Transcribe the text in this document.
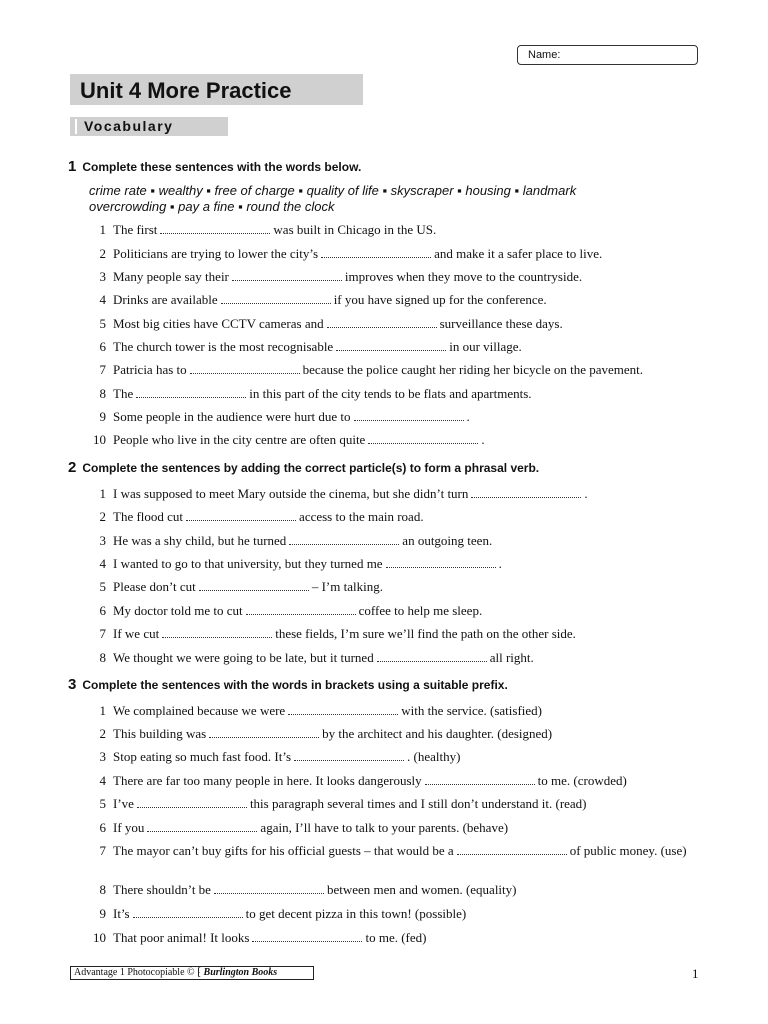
Name:
Unit 4 More Practice
Vocabulary
1 Complete these sentences with the words below.
crime rate ▪ wealthy ▪ free of charge ▪ quality of life ▪ skyscraper ▪ housing ▪ landmark
overcrowding ▪ pay a fine ▪ round the clock
1 The first	was built in Chicago in the US.
2 Politicians are trying to lower the city’s	and make it a safer place to live.
3 Many people say their	improves when they move to the countryside.
4 Drinks are available	if you have signed up for the conference.
5 Most big cities have CCTV cameras and	surveillance these days.
6 The church tower is the most recognisable	in our village.
7 Patricia has to	because the police caught her riding her bicycle on the pavement.
8 The	in this part of the city tends to be flats and apartments.
9 Some people in the audience were hurt due to	.
10 People who live in the city centre are often quite	.
2 Complete the sentences by adding the correct particle(s) to form a phrasal verb.
1 I was supposed to meet Mary outside the cinema, but she didn’t turn	.
2 The flood cut	access to the main road.
3 He was a shy child, but he turned	an outgoing teen.
4 I wanted to go to that university, but they turned me	.
5 Please don’t cut	– I’m talking.
6 My doctor told me to cut	coffee to help me sleep.
7 If we cut	these fields, I’m sure we’ll find the path on the other side.
8 We thought we were going to be late, but it turned	all right.
3 Complete the sentences with the words in brackets using a suitable prefix.
1 We complained because we were	with the service. (satisfied)
2 This building was	by the architect and his daughter. (designed)
3 Stop eating so much fast food. It’s	. (healthy)
4 There are far too many people in here. It looks dangerously	to me. (crowded)
5 I’ve	this paragraph several times and I still don’t understand it. (read)
6 If you	again, I’ll have to talk to your parents. (behave)
7 The mayor can’t buy gifts for his official guests – that would be a	of public money. (use)
8 There shouldn’t be	between men and women. (equality)
9 It’s	to get decent pizza in this town! (possible)
10 That poor animal! It looks	to me. (fed)
Advantage 1 Photocopiable © ⁅ Burlington Books	1
